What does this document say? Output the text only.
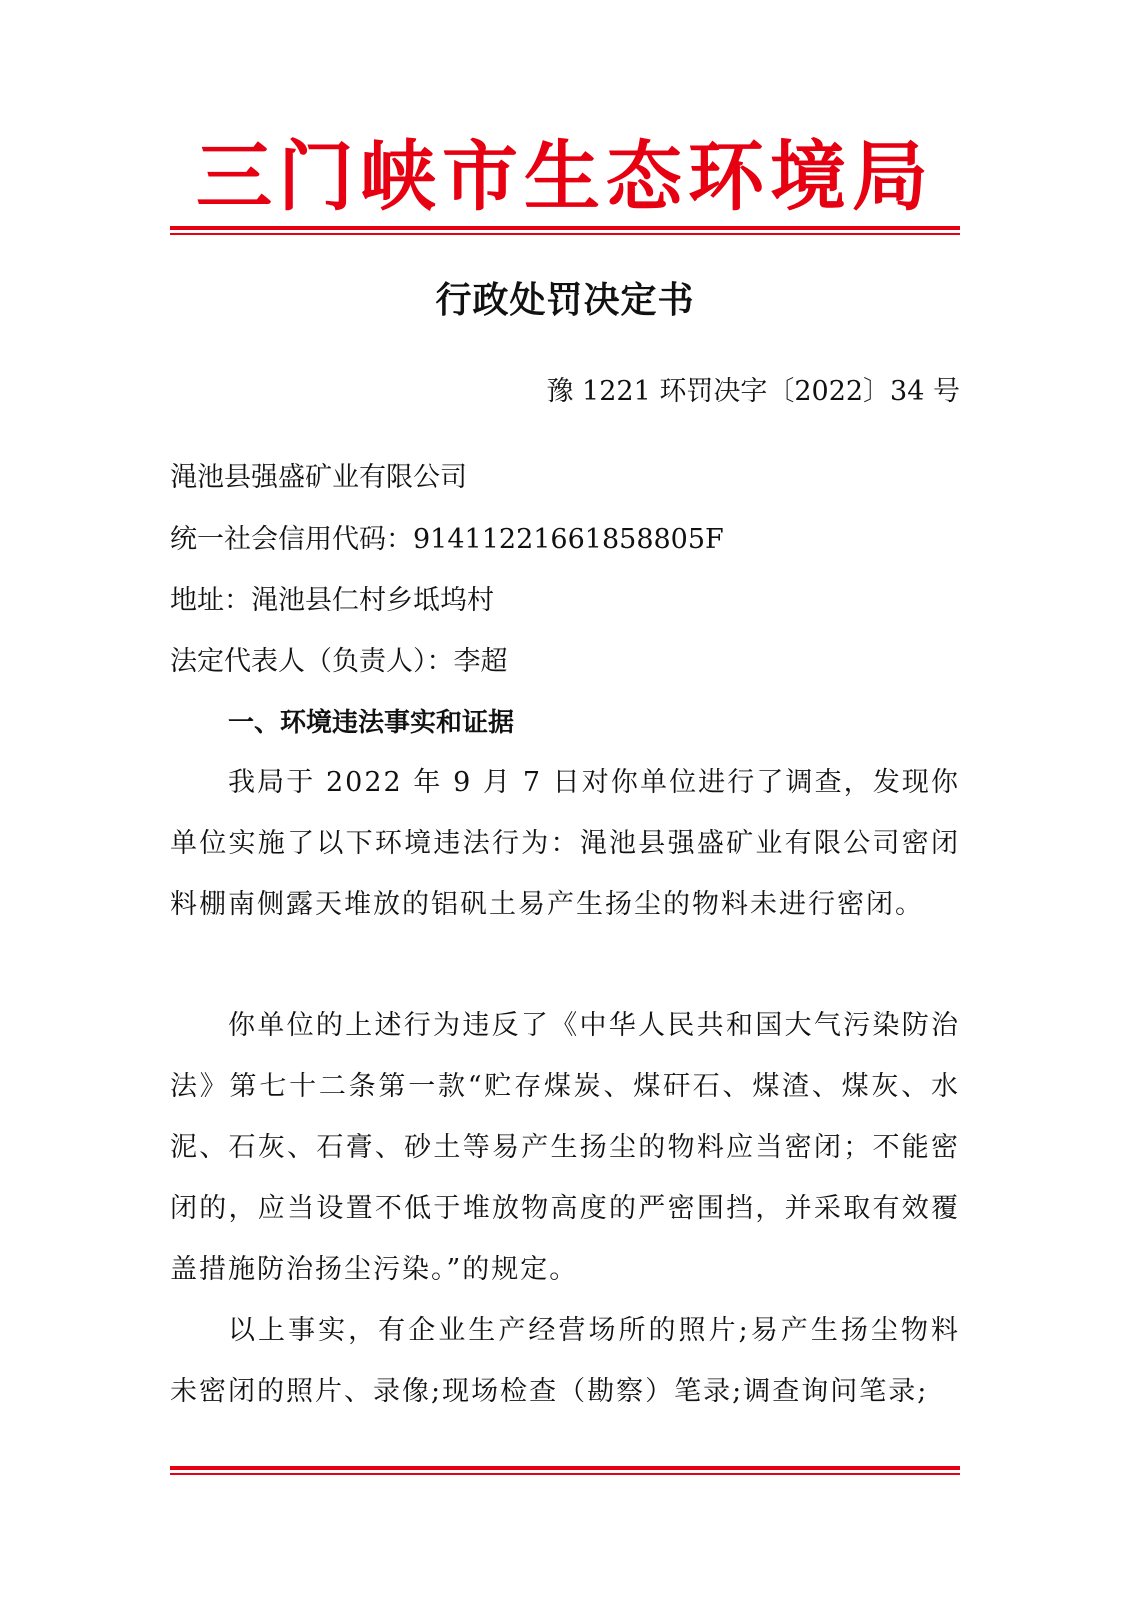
三门峡市生态环境局
行政处罚决定书
豫 1221 环罚决字〔2022〕34 号
渑池县强盛矿业有限公司
统一社会信用代码：91411221661858805F
地址：渑池县仁村乡坻坞村
法定代表人（负责人）：李超
一、环境违法事实和证据
我局于 2022 年 9 月 7 日对你单位进行了调查，发现你单位实施了以下环境违法行为：渑池县强盛矿业有限公司密闭料棚南侧露天堆放的铝矾土易产生扬尘的物料未进行密闭。
你单位的上述行为违反了《中华人民共和国大气污染防治法》第七十二条第一款“贮存煤炭、煤矸石、煤渣、煤灰、水泥、石灰、石膏、砂土等易产生扬尘的物料应当密闭；不能密闭的，应当设置不低于堆放物高度的严密围挡，并采取有效覆盖措施防治扬尘污染。”的规定。
以上事实，有企业生产经营场所的照片;易产生扬尘物料未密闭的照片、录像;现场检查（勘察）笔录;调查询问笔录;
